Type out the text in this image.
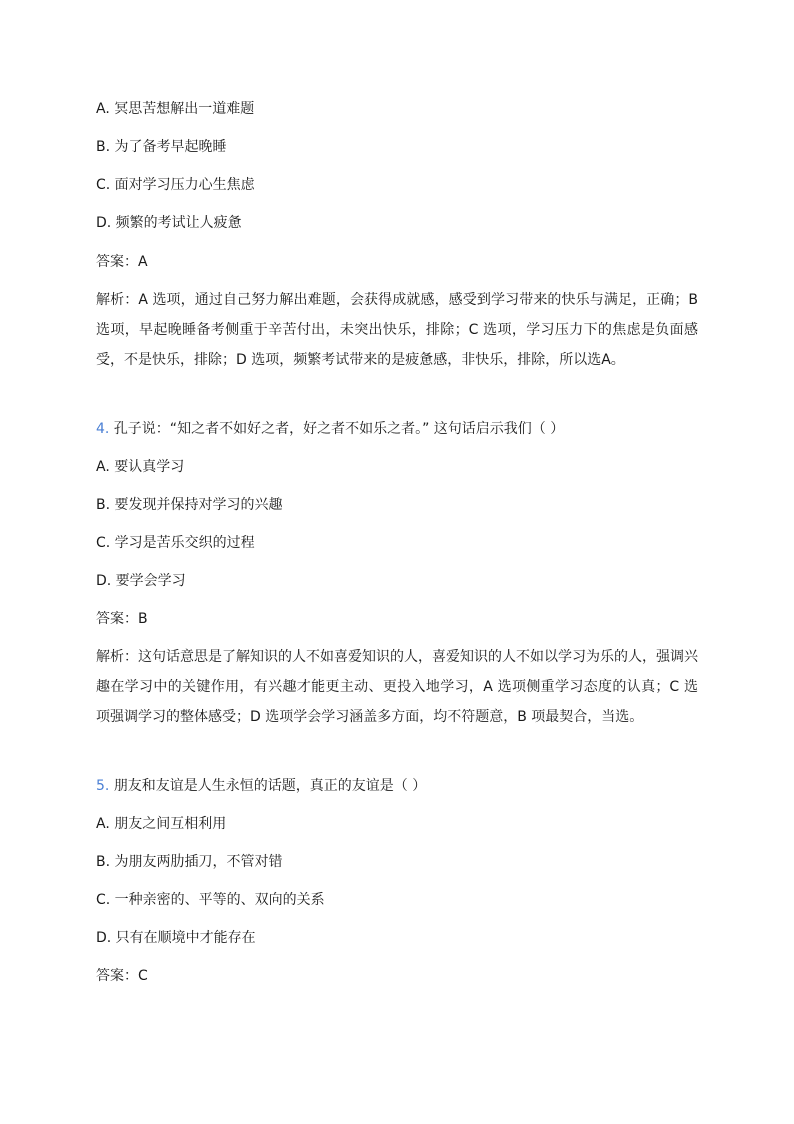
A. 冥思苦想解出一道难题
B. 为了备考早起晚睡
C. 面对学习压力心生焦虑
D. 频繁的考试让人疲惫
答案：A
解析：A 选项，通过自己努力解出难题，会获得成就感，感受到学习带来的快乐与满足，正确；B 选项，早起晚睡备考侧重于辛苦付出，未突出快乐，排除；C 选项，学习压力下的焦虑是负面感受，不是快乐，排除；D 选项，频繁考试带来的是疲惫感，非快乐，排除，所以选A。
4. 孔子说：“知之者不如好之者，好之者不如乐之者。” 这句话启示我们（ ）
A. 要认真学习
B. 要发现并保持对学习的兴趣
C. 学习是苦乐交织的过程
D. 要学会学习
答案：B
解析：这句话意思是了解知识的人不如喜爱知识的人，喜爱知识的人不如以学习为乐的人，强调兴趣在学习中的关键作用，有兴趣才能更主动、更投入地学习，A 选项侧重学习态度的认真；C 选项强调学习的整体感受；D 选项学会学习涵盖多方面，均不符题意，B 项最契合，当选。
5. 朋友和友谊是人生永恒的话题，真正的友谊是（ ）
A. 朋友之间互相利用
B. 为朋友两肋插刀，不管对错
C. 一种亲密的、平等的、双向的关系
D. 只有在顺境中才能存在
答案：C
